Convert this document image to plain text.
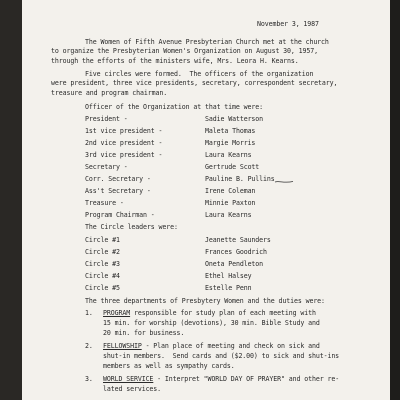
November 3, 1987
The Women of Fifth Avenue Presbyterian Church met at the church
to organize the Presbyterian Women's Organization on August 30, 1957,
through the efforts of the ministers wife, Mrs. Leora H. Kearns.
Five circles were formed.  The officers of the organization
were president, three vice presidents, secretary, correspondent secretary,
treasure and program chairman.
Officer of the Organization at that time were:
President -	Sadie Watterson
1st vice president -	Maleta Thomas
2nd vice president -	Margie Morris
3rd vice president -	Laura Kearns
Secretary -	Gertrude Scott
Corr. Secretary -	Pauline B. Pullins
Ass't Secretary -	Irene Coleman
Treasure -	Minnie Paxton
Program Chairman -	Laura Kearns
The Circle leaders were:
Circle #1	Jeanette Saunders
Circle #2	Frances Goodrich
Circle #3	Oneta Pendleton
Circle #4	Ethel Halsey
Circle #5	Estelle Penn
The three departments of Presbytery Women and the duties were:
1. PROGRAM responsible for study plan of each meeting with
15 min. for worship (devotions), 30 min. Bible Study and
20 min. for business.
2. FELLOWSHIP - Plan place of meeting and check on sick and
shut-in members.  Send cards and ($2.00) to sick and shut-ins
members as well as sympathy cards.
3. WORLD SERVICE - Interpret "WORLD DAY OF PRAYER" and other re-
lated services.
